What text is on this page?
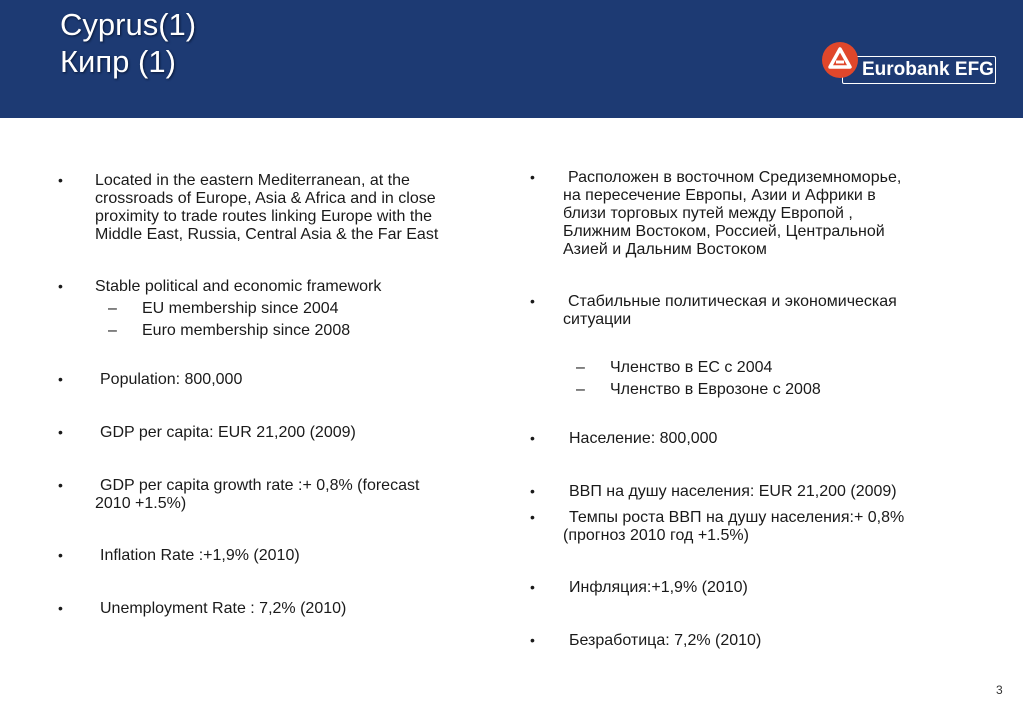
Cyprus(1)
Кипр (1)	Eurobank EFG
• Located in the eastern Mediterranean, at the
crossroads of Europe, Asia & Africa and in close
proximity to trade routes linking Europe with the
Middle East, Russia, Central Asia & the Far East
• Stable political and economic framework
– EU membership since 2004
– Euro membership since 2008
• Population: 800,000
• GDP per capita: EUR 21,200 (2009)
•	GDP per capita growth rate :+ 0,8% (forecast
2010 +1.5%)
• Inflation Rate :+1,9% (2010)
• Unemployment Rate : 7,2% (2010)
•	Расположен в восточном Средиземноморье,
на пересечение Европы, Азии и Африки в
близи торговых путей между Европой ,
Ближним Востоком, Россией, Центральной
Азией и Дальним Востоком
•	Стабильные политическая и экономическая
ситуации
– Членство в ЕС с 2004
– Членство в Еврозоне с 2008
• Население: 800,000
• ВВП на душу населения: EUR 21,200 (2009)
•	Темпы роста ВВП на душу населения:+ 0,8%
(прогноз 2010 год +1.5%)
• Инфляция:+1,9% (2010)
• Безработица: 7,2% (2010)
3
